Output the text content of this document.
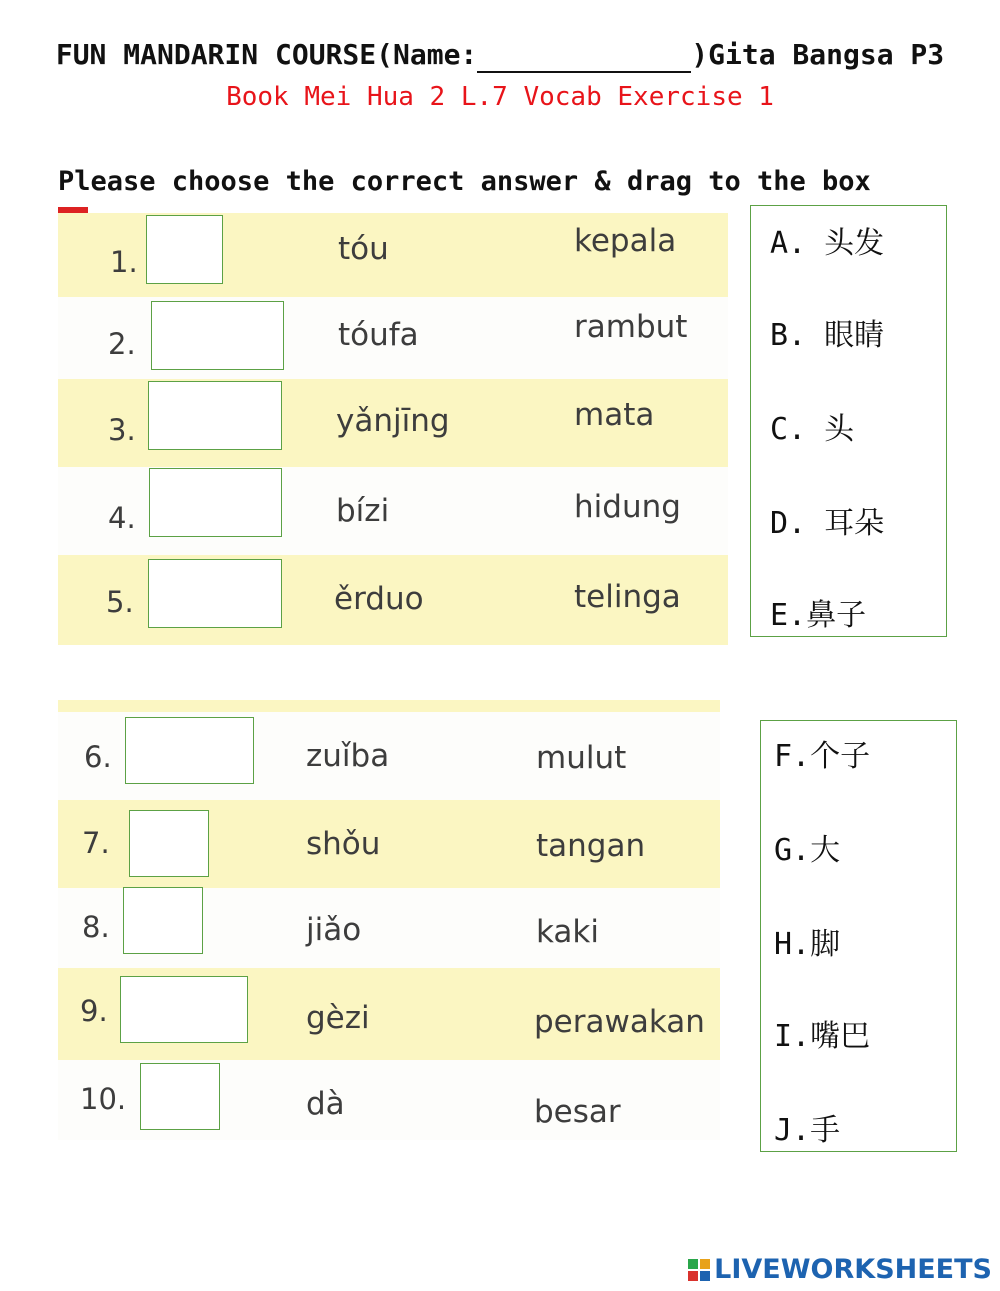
FUN MANDARIN COURSE(Name:	)Gita Bangsa P3
Book Mei Hua 2 L.7 Vocab Exercise 1
Please choose the correct answer & drag to the box
1.	tóu	kepala
2.	tóufa	rambut
3.	yǎnjīng	mata
4.	bízi	hidung
5.	ěrduo	telinga
A. 头发
B. 眼睛
C. 头
D. 耳朵
E.鼻子
6.	zuǐba	mulut
7.	shǒu	tangan
8.	jiǎo	kaki
9.	gèzi	perawakan
10.	dà	besar
F.个子
G.大
H.脚
I.嘴巴
J.手
LIVEWORKSHEETS
